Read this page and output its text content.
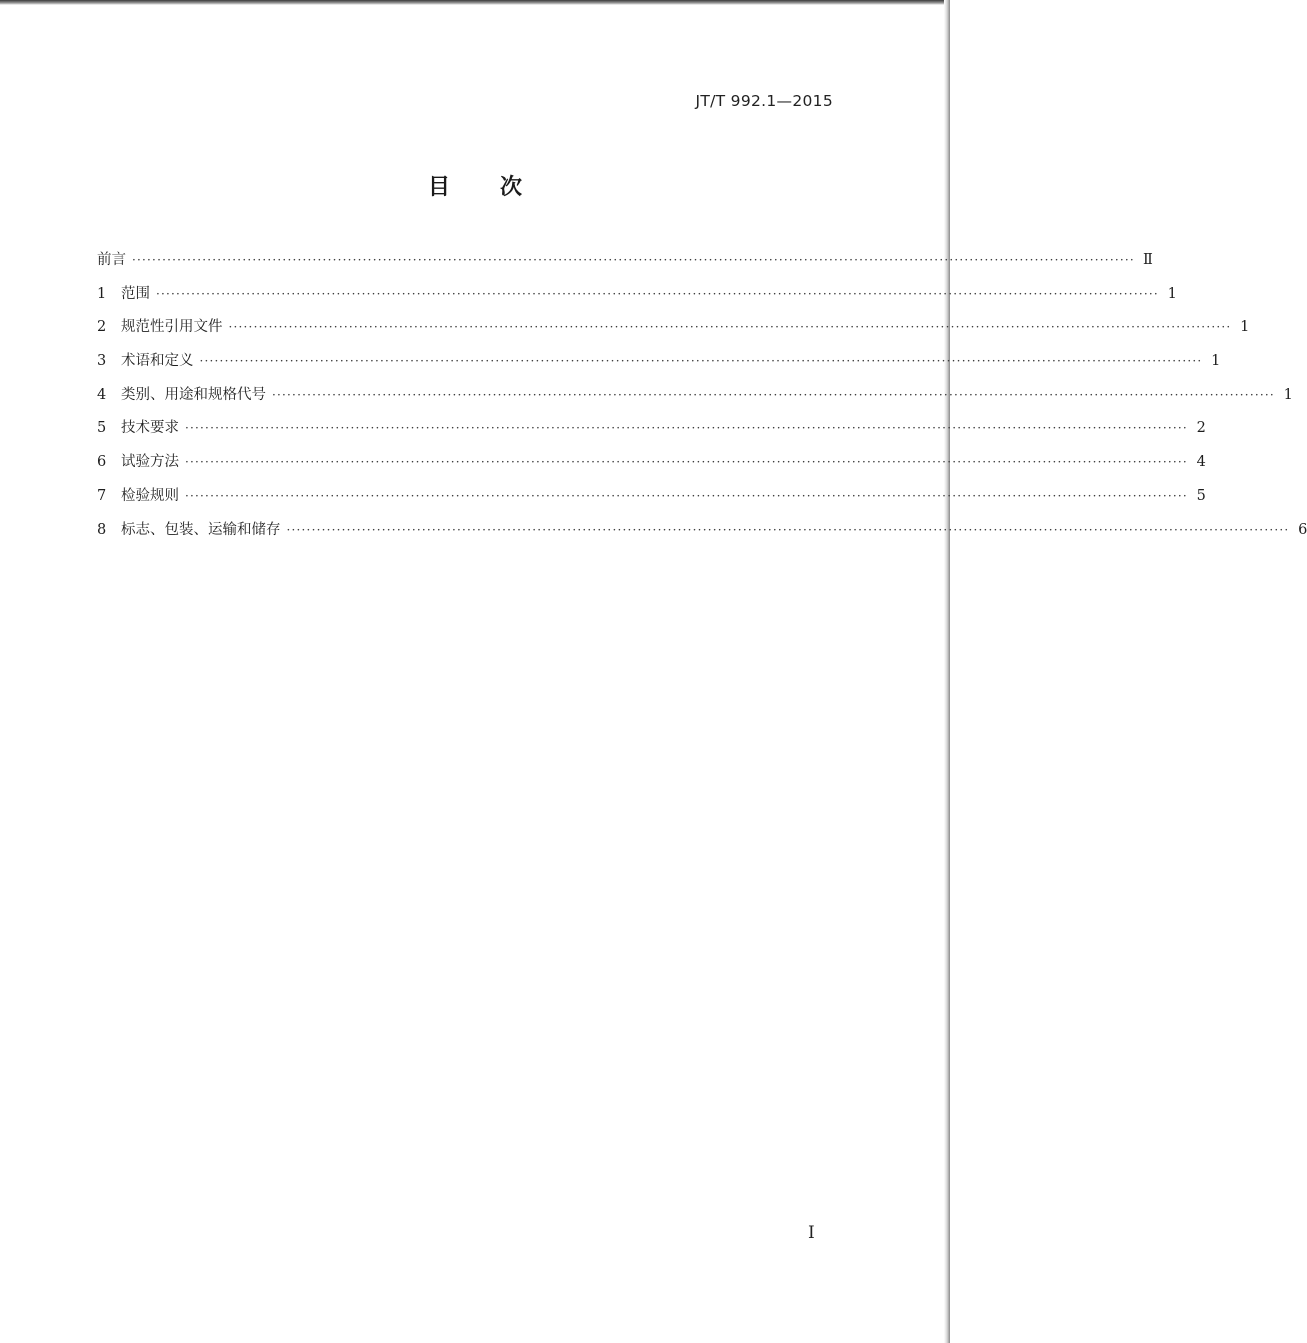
JT/T 992.1—2015
目 次
前言 ········································································································································································································ Ⅱ
1	范围 ········································································································································································································ 1
2	规范性引用文件 ········································································································································································································ 1
3	术语和定义 ········································································································································································································ 1
4	类别、用途和规格代号 ········································································································································································································ 1
5	技术要求 ········································································································································································································ 2
6	试验方法 ········································································································································································································ 4
7	检验规则 ········································································································································································································ 5
8	标志、包装、运输和储存 ········································································································································································································ 6
Ⅰ
